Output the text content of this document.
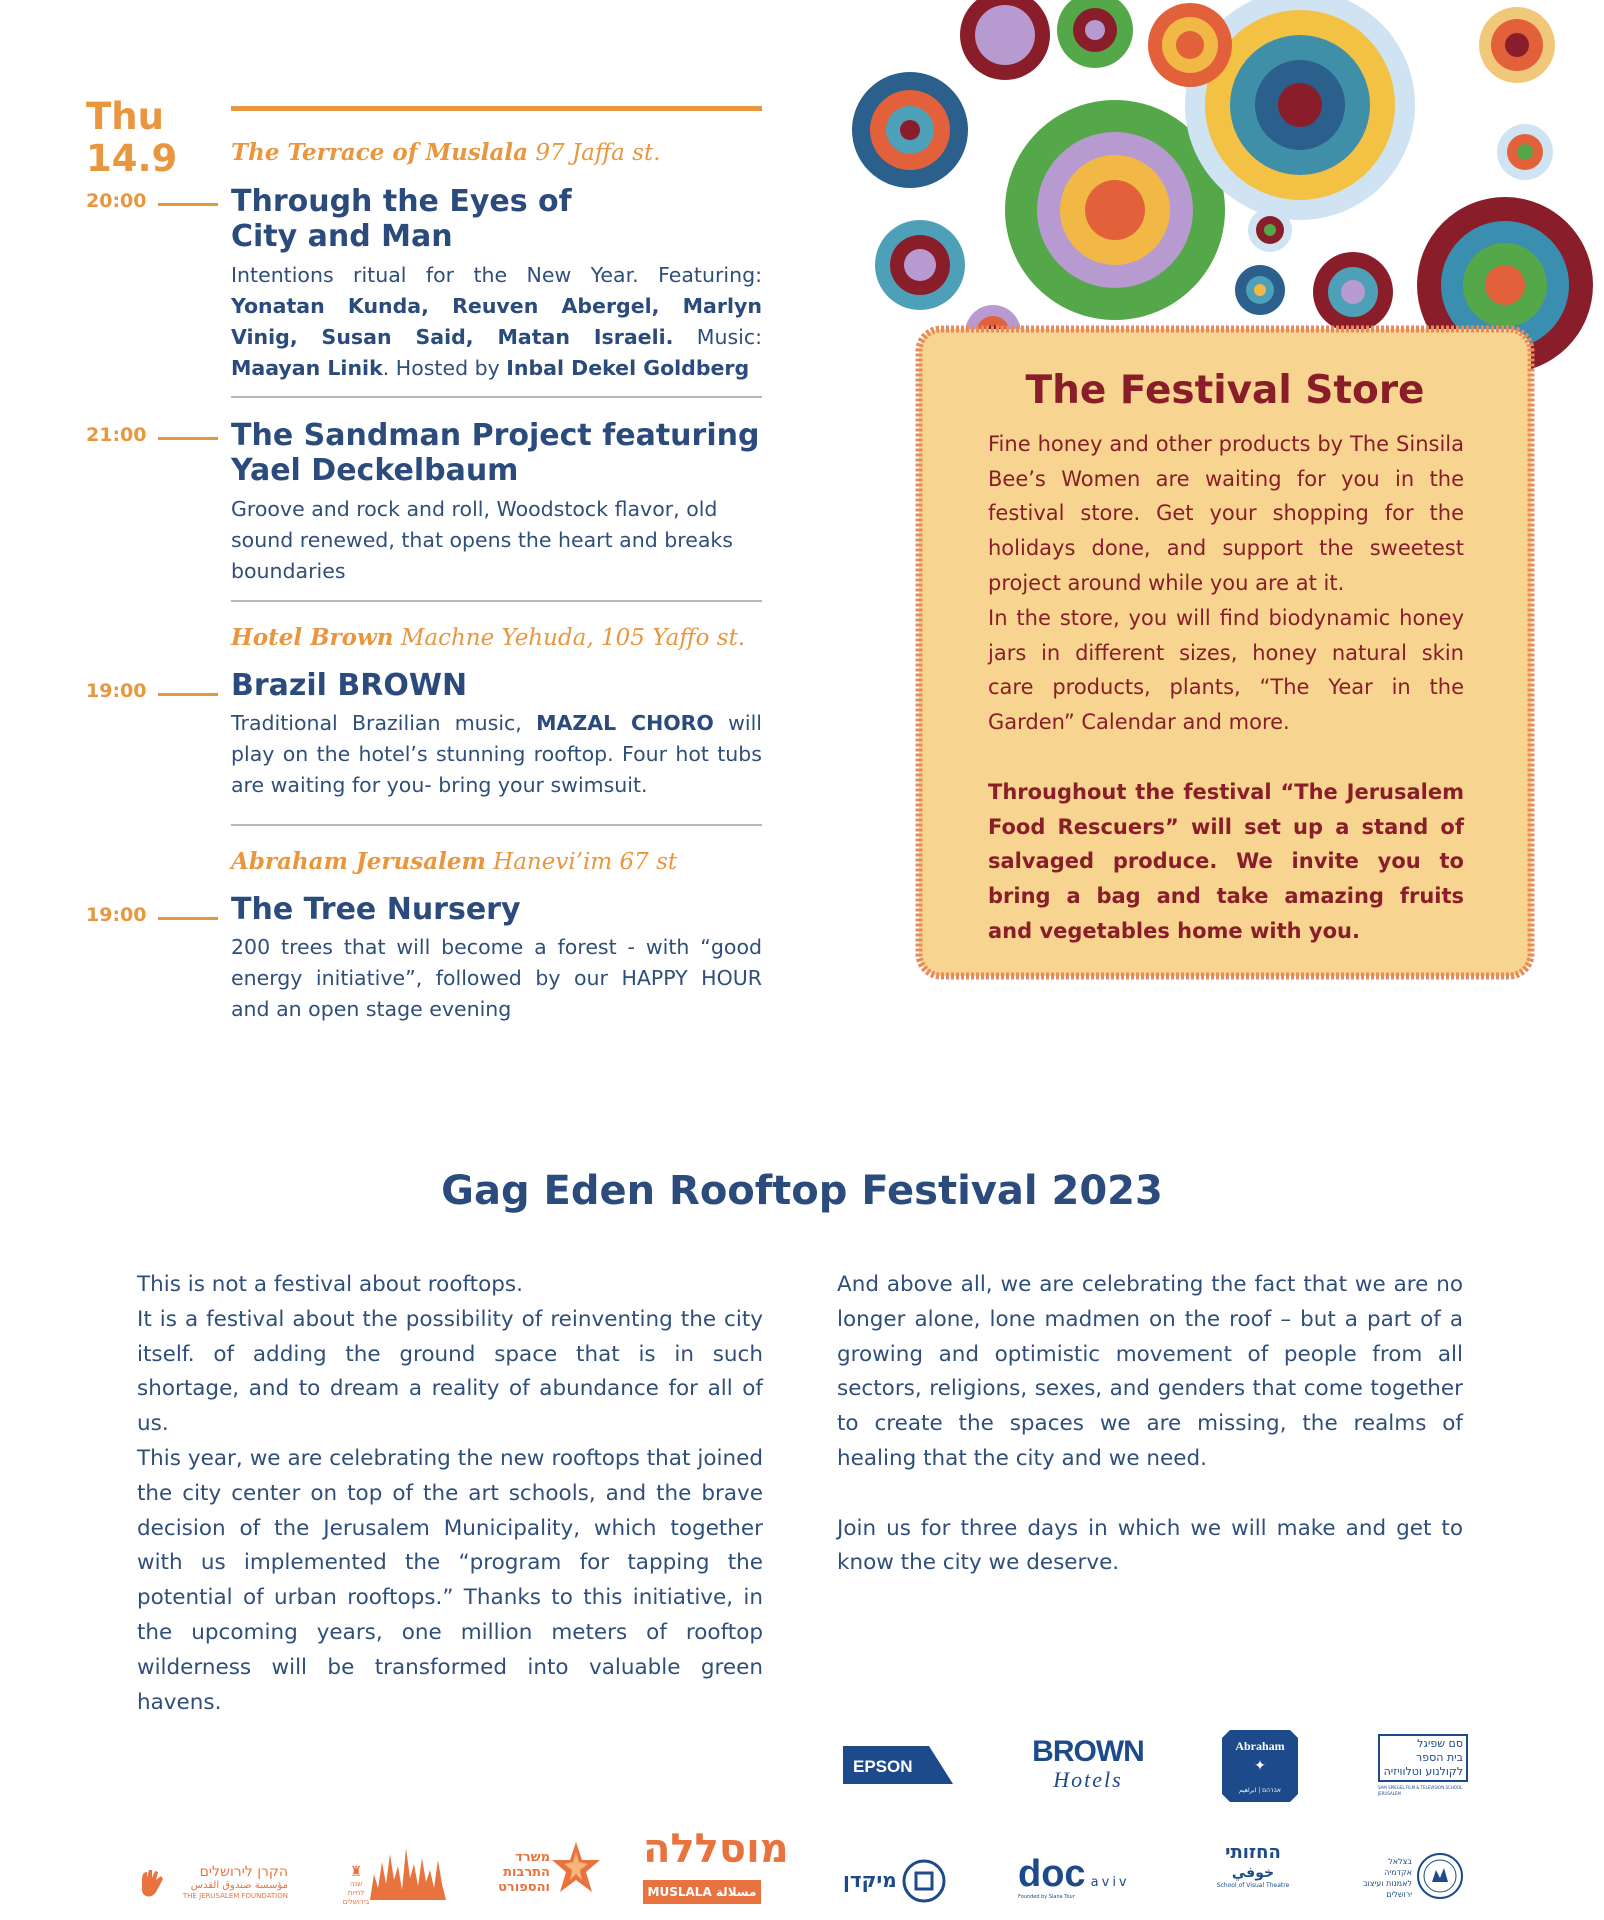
Thu
14.9 The Terrace of Muslala 97 Jaffa st.
20:00	Through the Eyes of
City and Man
Intentions ritual for the New Year. Featuring: Yonatan Kunda, Reuven Abergel, Marlyn Vinig, Susan Said, Matan Israeli. Music: Maayan Linik. Hosted by Inbal Dekel Goldberg
21:00	The Sandman Project featuring
Yael Deckelbaum
Groove and rock and roll, Woodstock flavor, old sound renewed, that opens the heart and breaks boundaries
Hotel Brown Machne Yehuda, 105 Yaffo st.
19:00	Brazil BROWN
Traditional Brazilian music, MAZAL CHORO will play on the hotel’s stunning rooftop. Four hot tubs are waiting for you- bring your swimsuit.
Abraham Jerusalem Hanevi’im 67 st
19:00	The Tree Nursery
200 trees that will become a forest - with “good energy initiative”, followed by our HAPPY HOUR and an open stage evening
The Festival Store
Fine honey and other products by The Sinsila Bee’s Women are waiting for you in the festival store. Get your shopping for the holidays done, and support the sweetest project around while you are at it.
In the store, you will find biodynamic honey jars in different sizes, honey natural skin care products, plants, “The Year in the Garden” Calendar and more.
Throughout the festival “The Jerusalem Food Rescuers” will set up a stand of salvaged produce. We invite you to bring a bag and take amazing fruits and vegetables home with you.
Gag Eden Rooftop Festival 2023

This is not a festival about rooftops.

It is a festival about the possibility of reinventing the city itself. of adding the ground space that is in such shortage, and to dream a reality of abundance for all of us.

This year, we are celebrating the new rooftops that joined the city center on top of the art schools, and the brave decision of the Jerusalem Municipality, which together with us implemented the “program for tapping the potential of urban rooftops.” Thanks to this initiative, in the upcoming years, one million meters of rooftop wilderness will be transformed into valuable green havens.

And above all, we are celebrating the fact that we are no longer alone, lone madmen on the roof – but a part of a growing and optimistic movement of people from all sectors, religions, sexes, and genders that come together to create the spaces we are missing, the realms of healing that the city and we need.

Join us for three days in which we will make and get to know the city we deserve.

EPSON	BROWN
Hotels
Abraham
✦
אברהם | ابراهيم
סם שפיגל
בית הספר
לקולנוע וטלוויזיה
SAM SPIEGEL FILM & TELEVISION SCHOOL JERUSALEM
הקרן לירושלים
مؤسسة صندوق القدس
THE JERUSALEM FOUNDATION
♜
שנה לחיות
בירושלים
משרד
התרבות
והספורט
מוסללה
MUSLALA مسلالة	מיקדן	doc aviv
Founded by Siana Tour
החזותי
خوفي
School of Visual Theatre
בצלאל
אקדמיה
לאמנות ועיצוב
ירושלים
